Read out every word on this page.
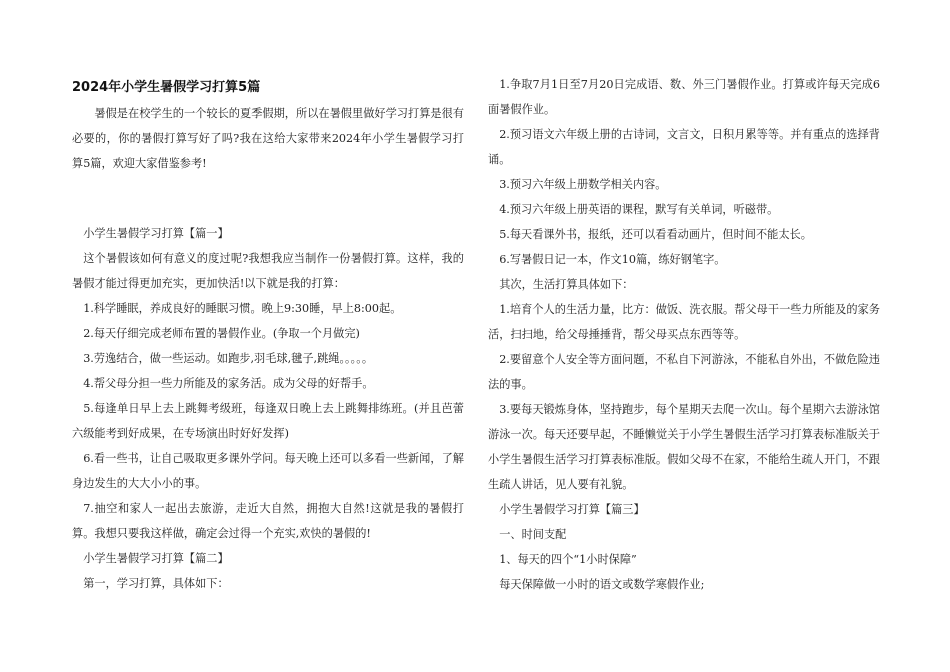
2024年小学生暑假学习打算5篇

暑假是在校学生的一个较长的夏季假期，所以在暑假里做好学习打算是很有必要的，你的暑假打算写好了吗?我在这给大家带来2024年小学生暑假学习打算5篇，欢迎大家借鉴参考!

小学生暑假学习打算【篇一】

这个暑假该如何有意义的度过呢?我想我应当制作一份暑假打算。这样，我的暑假才能过得更加充实，更加快活!以下就是我的打算：

1.科学睡眠，养成良好的睡眠习惯。晚上9:30睡，早上8:00起。

2.每天仔细完成老师布置的暑假作业。(争取一个月做完)

3.劳逸结合，做一些运动。如跑步,羽毛球,毽子,跳绳。。。。。

4.帮父母分担一些力所能及的家务活。成为父母的好帮手。

5.每逢单日早上去上跳舞考级班，每逢双日晚上去上跳舞排练班。(并且芭蕾六级能考到好成果，在专场演出时好好发挥)

6.看一些书，让自己吸取更多课外学问。每天晚上还可以多看一些新闻，了解身边发生的大大小小的事。

7.抽空和家人一起出去旅游，走近大自然，拥抱大自然!这就是我的暑假打算。我想只要我这样做，确定会过得一个充实,欢快的暑假的!

小学生暑假学习打算【篇二】

第一，学习打算，具体如下：

1.争取7月1日至7月20日完成语、数、外三门暑假作业。打算或许每天完成6面暑假作业。

2.预习语文六年级上册的古诗词，文言文，日积月累等等。并有重点的选择背诵。

3.预习六年级上册数学相关内容。

4.预习六年级上册英语的课程，默写有关单词，听磁带。

5.每天看课外书，报纸，还可以看看动画片，但时间不能太长。

6.写暑假日记一本，作文10篇，练好钢笔字。

其次，生活打算具体如下：

1.培育个人的生活力量，比方：做饭、洗衣服。帮父母干一些力所能及的家务活，扫扫地，给父母捶捶背，帮父母买点东西等等。

2.要留意个人安全等方面问题，不私自下河游泳，不能私自外出，不做危险违法的事。

3.要每天锻炼身体，坚持跑步，每个星期天去爬一次山。每个星期六去游泳馆游泳一次。每天还要早起，不睡懒觉关于小学生暑假生活学习打算表标准版关于小学生暑假生活学习打算表标准版。假如父母不在家，不能给生疏人开门，不跟生疏人讲话，见人要有礼貌。

小学生暑假学习打算【篇三】

一、时间支配

1、每天的四个“1小时保障”

每天保障做一小时的语文或数学寒假作业;
